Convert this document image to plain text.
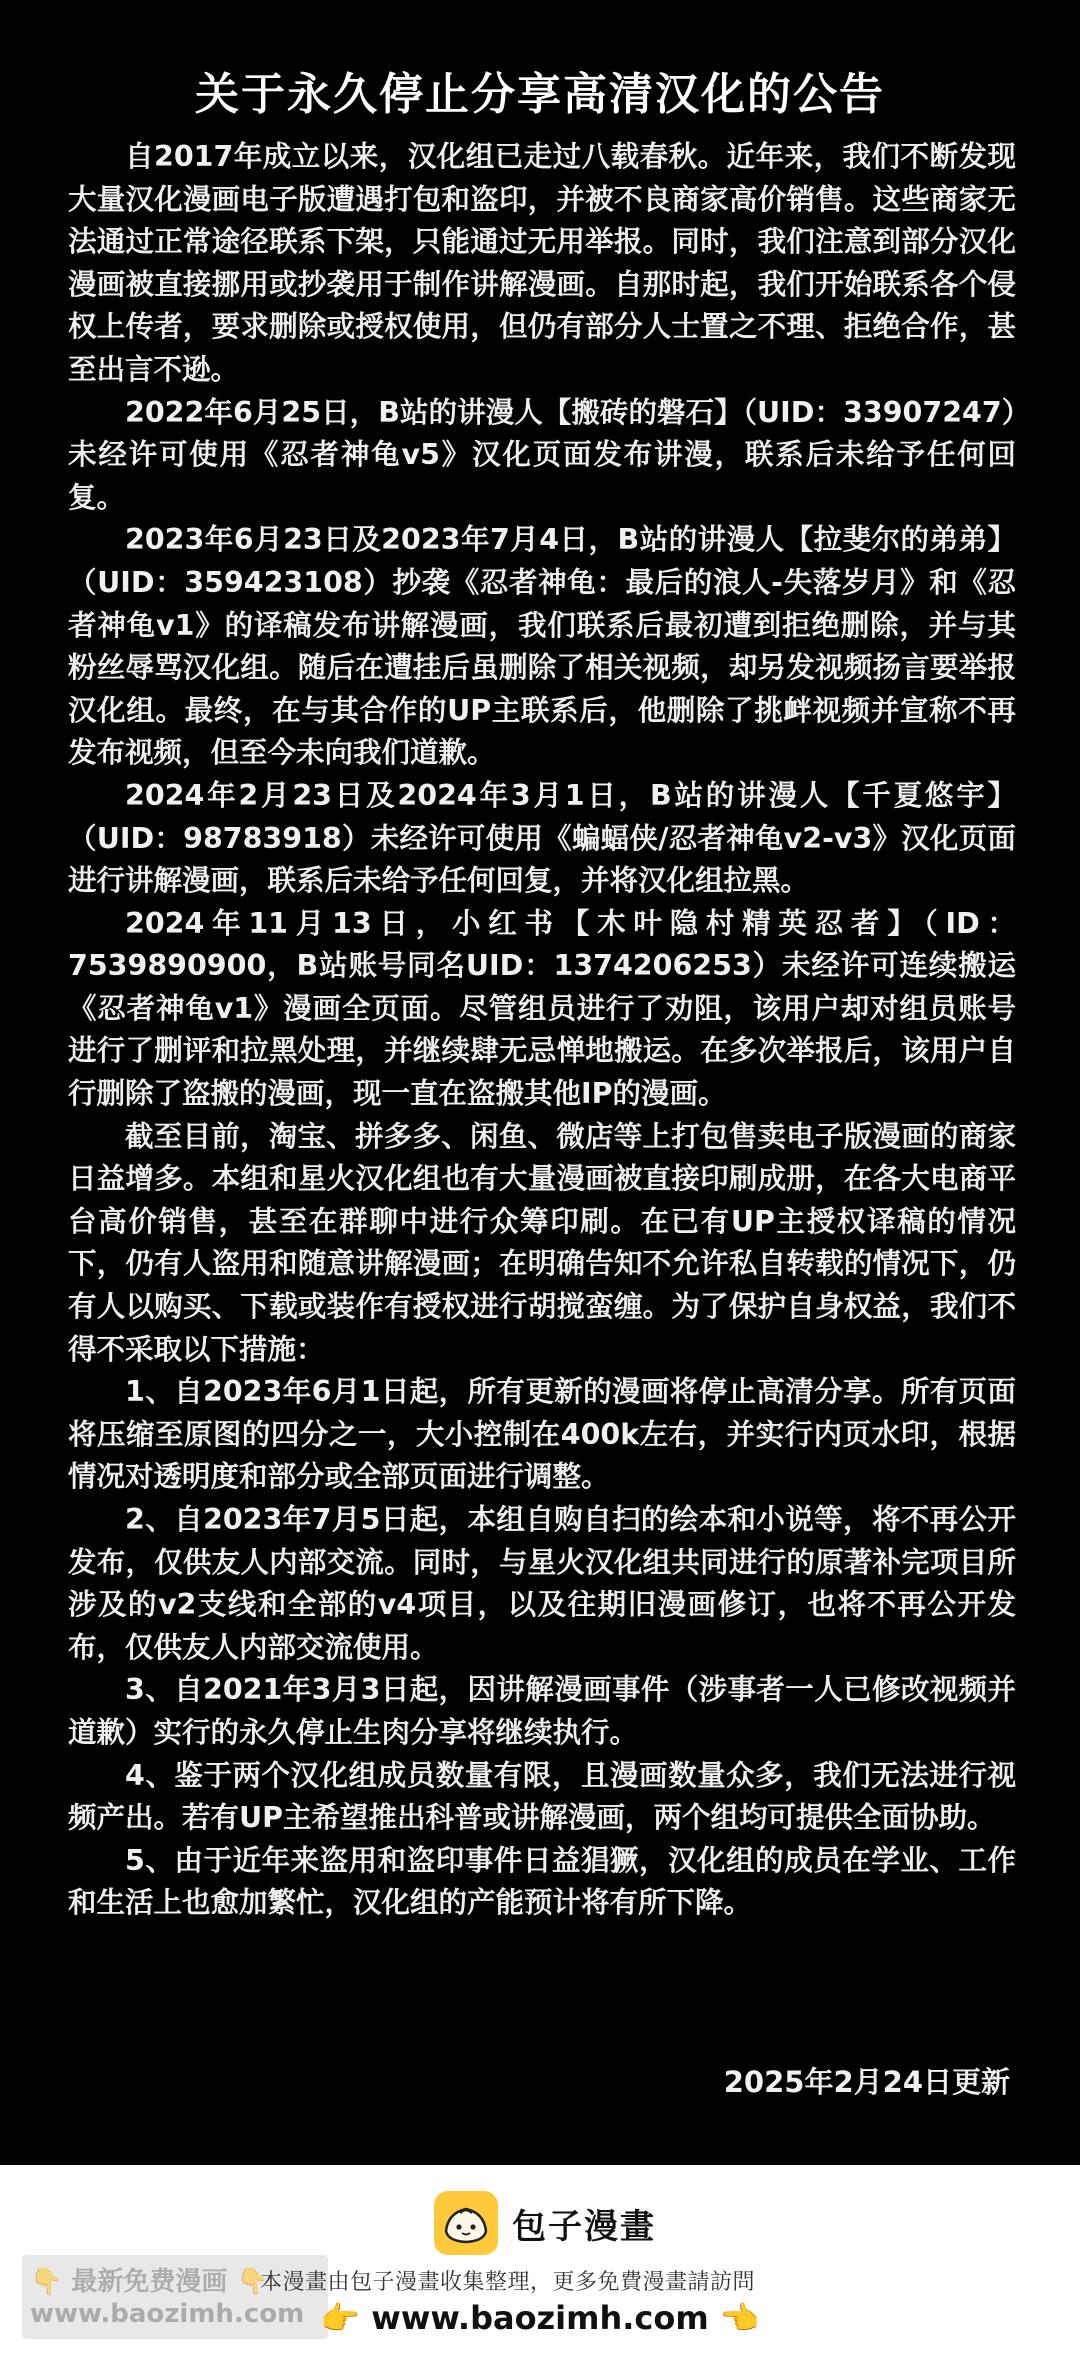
关于永久停止分享高清汉化的公告

自2017年成立以来，汉化组已走过八载春秋。近年来，我们不断发现大量汉化漫画电子版遭遇打包和盗印，并被不良商家高价销售。这些商家无法通过正常途径联系下架，只能通过无用举报。同时，我们注意到部分汉化漫画被直接挪用或抄袭用于制作讲解漫画。自那时起，我们开始联系各个侵权上传者，要求删除或授权使用，但仍有部分人士置之不理、拒绝合作，甚至出言不逊。

2022年6月25日，B站的讲漫人【搬砖的磐石】（UID：33907247）未经许可使用《忍者神龟v5》汉化页面发布讲漫，联系后未给予任何回复。

2023年6月23日及2023年7月4日，B站的讲漫人【拉斐尔的弟弟】（UID：359423108）抄袭《忍者神龟：最后的浪人-失落岁月》和《忍者神龟v1》的译稿发布讲解漫画，我们联系后最初遭到拒绝删除，并与其粉丝辱骂汉化组。随后在遭挂后虽删除了相关视频，却另发视频扬言要举报汉化组。最终，在与其合作的UP主联系后，他删除了挑衅视频并宣称不再发布视频，但至今未向我们道歉。

2024年2月23日及2024年3月1日，B站的讲漫人【千夏悠宇】（UID：98783918）未经许可使用《蝙蝠侠/忍者神龟v2-v3》汉化页面进行讲解漫画，联系后未给予任何回复，并将汉化组拉黑。

2024年11月13日，小红书【木叶隐村精英忍者】（ID：7539890900，B站账号同名UID：1374206253）未经许可连续搬运《忍者神龟v1》漫画全页面。尽管组员进行了劝阻，该用户却对组员账号进行了删评和拉黑处理，并继续肆无忌惮地搬运。在多次举报后，该用户自行删除了盗搬的漫画，现一直在盗搬其他IP的漫画。

截至目前，淘宝、拼多多、闲鱼、微店等上打包售卖电子版漫画的商家日益增多。本组和星火汉化组也有大量漫画被直接印刷成册，在各大电商平台高价销售，甚至在群聊中进行众筹印刷。在已有UP主授权译稿的情况下，仍有人盗用和随意讲解漫画；在明确告知不允许私自转载的情况下，仍有人以购买、下载或装作有授权进行胡搅蛮缠。为了保护自身权益，我们不得不采取以下措施：

1、自2023年6月1日起，所有更新的漫画将停止高清分享。所有页面将压缩至原图的四分之一，大小控制在400k左右，并实行内页水印，根据情况对透明度和部分或全部页面进行调整。

2、自2023年7月5日起，本组自购自扫的绘本和小说等，将不再公开发布，仅供友人内部交流。同时，与星火汉化组共同进行的原著补完项目所涉及的v2支线和全部的v4项目，以及往期旧漫画修订，也将不再公开发布，仅供友人内部交流使用。

3、自2021年3月3日起，因讲解漫画事件（涉事者一人已修改视频并道歉）实行的永久停止生肉分享将继续执行。

4、鉴于两个汉化组成员数量有限，且漫画数量众多，我们无法进行视频产出。若有UP主希望推出科普或讲解漫画，两个组均可提供全面协助。

5、由于近年来盗用和盗印事件日益猖獗，汉化组的成员在学业、工作和生活上也愈加繁忙，汉化组的产能预计将有所下降。

2025年2月24日更新
包子漫畫
👇 最新免费漫画 👇
www.baozimh.com
本漫畫由包子漫畫收集整理，更多免費漫畫請訪問
👉 www.baozimh.com 👈
